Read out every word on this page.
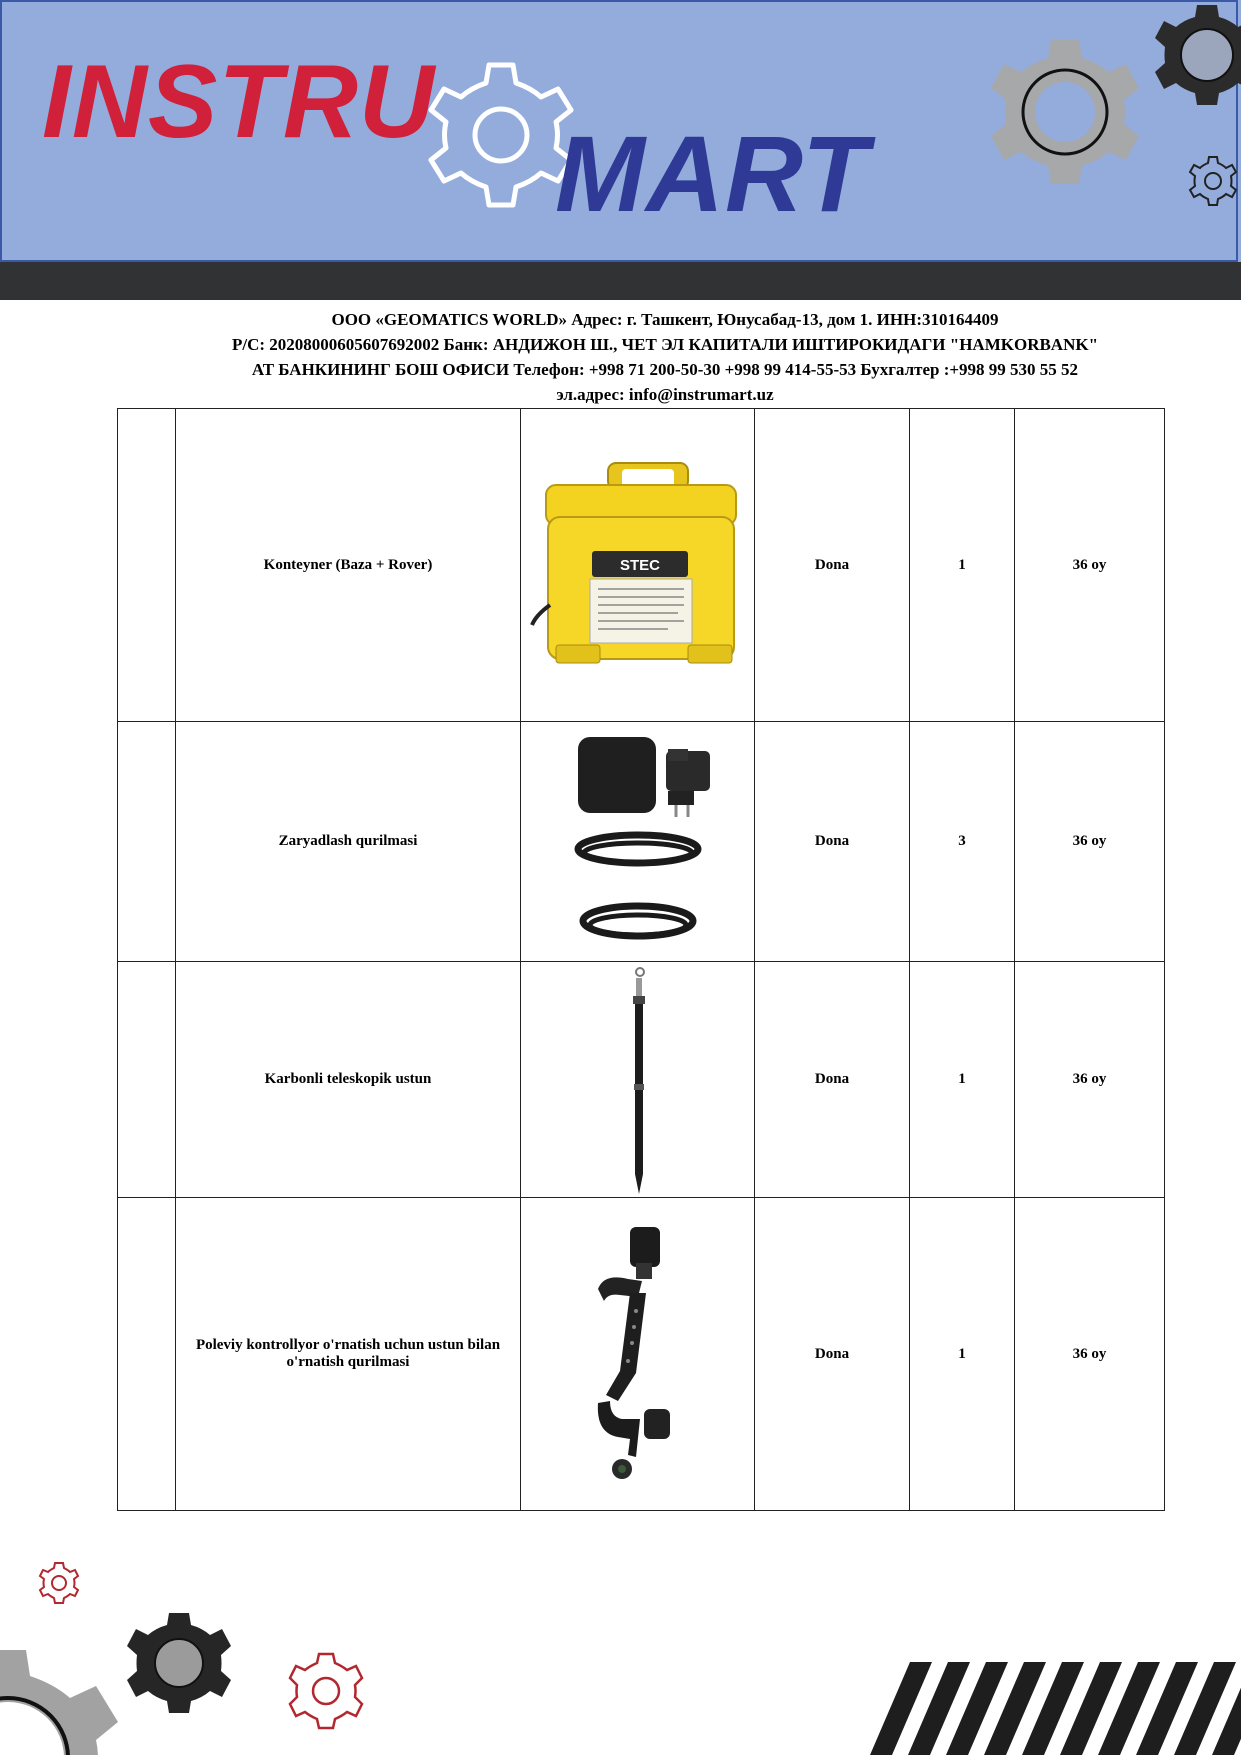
INSTRU
MART
ООО «GEOMATICS WORLD» Адрес: г. Ташкент, Юнусабад-13, дом 1. ИНН:310164409
Р/С: 20208000605607692002 Банк: АНДИЖОН Ш., ЧЕТ ЭЛ КАПИТАЛИ ИШТИРОКИДАГИ "HAMKORBANK"
АТ БАНКИНИНГ БОШ ОФИСИ Телефон: +998 71 200-50-30 +998 99 414-55-53 Бухгалтер :+998 99 530 55 52
эл.адрес: info@instrumart.uz
	Konteyner (Baza + Rover)	STEC	Dona	1	36 oy
	Zaryadlash qurilmasi		Dona	3	36 oy
	Karbonli teleskopik ustun		Dona	1	36 oy
	Poleviy kontrollyor o'rnatish uchun ustun bilan o'rnatish qurilmasi		Dona	1	36 oy
